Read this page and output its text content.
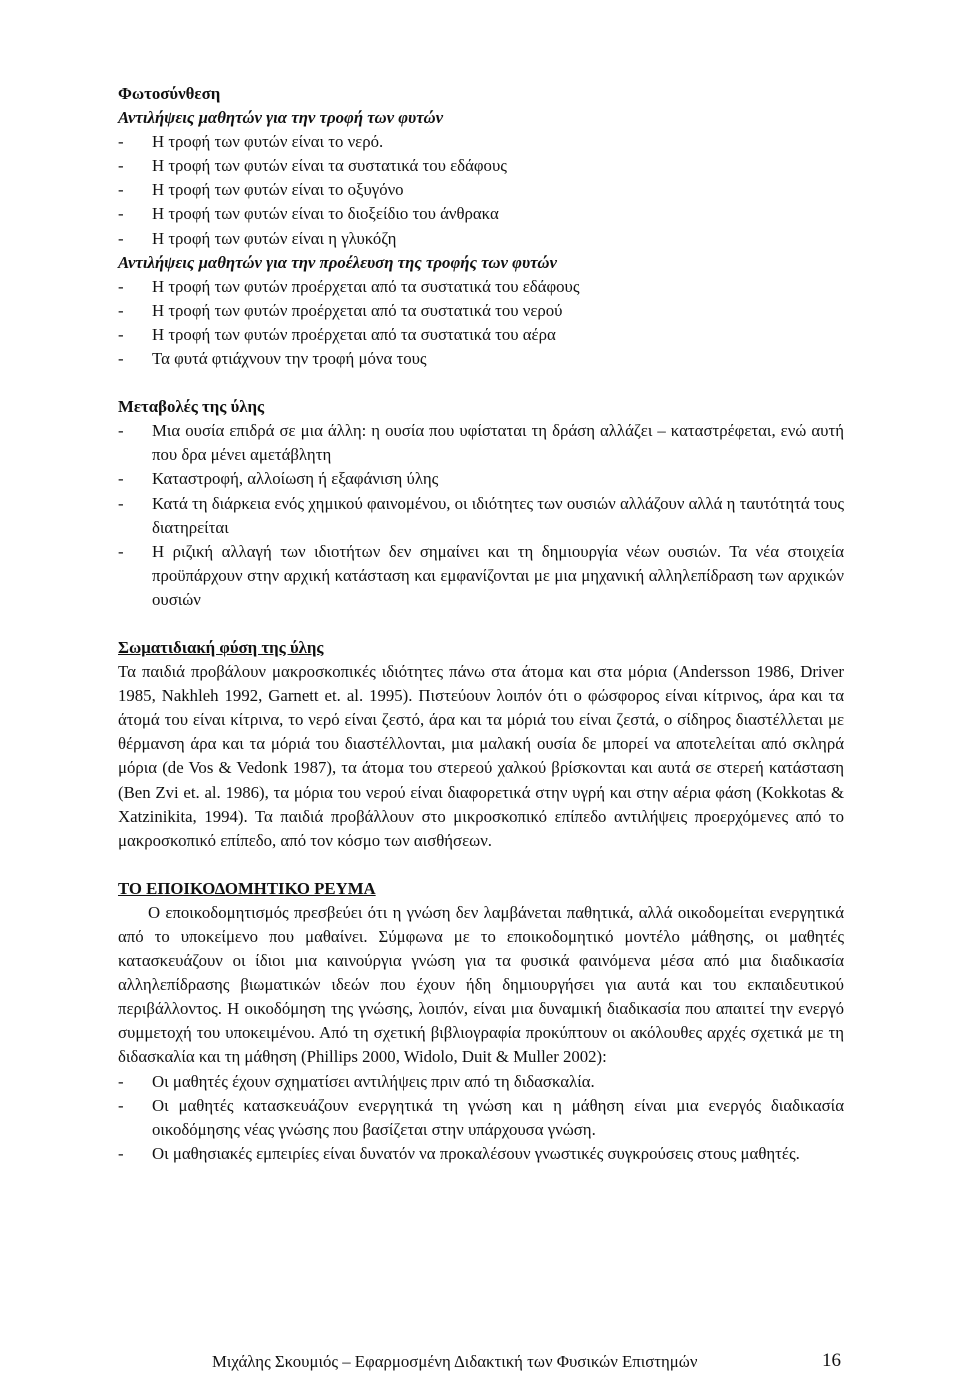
Φωτοσύνθεση
Αντιλήψεις μαθητών για την τροφή των φυτών
-	Η τροφή των φυτών είναι το νερό.
-	Η τροφή των φυτών είναι τα συστατικά του εδάφους
-	Η τροφή των φυτών είναι το οξυγόνο
-	Η τροφή των φυτών είναι το διοξείδιο του άνθρακα
-	Η τροφή των φυτών είναι η γλυκόζη
Αντιλήψεις μαθητών για την προέλευση της τροφής των φυτών
-	Η τροφή των φυτών προέρχεται από τα συστατικά του εδάφους
-	Η τροφή των φυτών προέρχεται από τα συστατικά του νερού
-	Η τροφή των φυτών προέρχεται από τα συστατικά του αέρα
-	Τα φυτά φτιάχνουν την τροφή μόνα τους
Μεταβολές της ύλης
-	Μια ουσία επιδρά σε μια άλλη: η ουσία που υφίσταται τη δράση αλλάζει – καταστρέφεται, ενώ αυτή που δρα μένει αμετάβλητη
-	Καταστροφή, αλλοίωση ή εξαφάνιση ύλης
-	Κατά τη διάρκεια ενός χημικού φαινομένου, οι ιδιότητες των ουσιών αλλάζουν αλλά η ταυτότητά τους διατηρείται
-	Η ριζική αλλαγή των ιδιοτήτων δεν σημαίνει και τη δημιουργία νέων ουσιών. Τα νέα στοιχεία προϋπάρχουν στην αρχική κατάσταση και εμφανίζονται με μια μηχανική αλληλεπίδραση των αρχικών ουσιών
Σωματιδιακή φύση της ύλης
Τα παιδιά προβάλουν μακροσκοπικές ιδιότητες πάνω στα άτομα και στα μόρια (Andersson 1986, Driver 1985, Nakhleh 1992, Garnett et. al. 1995). Πιστεύουν λοιπόν ότι ο φώσφορος είναι κίτρινος, άρα και τα άτομά του είναι κίτρινα, το νερό είναι ζεστό, άρα και τα μόριά του είναι ζεστά, ο σίδηρος διαστέλλεται με θέρμανση άρα και τα μόριά του διαστέλλονται, μια μαλακή ουσία δε μπορεί να αποτελείται από σκληρά μόρια (de Vos & Vedonk 1987), τα άτομα του στερεού χαλκού βρίσκονται και αυτά σε στερεή κατάσταση (Ben Zvi et. al. 1986), τα μόρια του νερού είναι διαφορετικά στην υγρή και στην αέρια φάση (Kokkotas & Xatzinikita, 1994). Τα παιδιά προβάλλουν στο μικροσκοπικό επίπεδο αντιλήψεις προερχόμενες από το μακροσκοπικό επίπεδο, από τον κόσμο των αισθήσεων.
ΤΟ ΕΠΟΙΚΟΔΟΜΗΤΙΚΟ ΡΕΥΜΑ
Ο εποικοδομητισμός πρεσβεύει ότι η γνώση δεν λαμβάνεται παθητικά, αλλά οικοδομείται ενεργητικά από το υποκείμενο που μαθαίνει. Σύμφωνα με το εποικοδομητικό μοντέλο μάθησης, οι μαθητές κατασκευάζουν οι ίδιοι μια καινούργια γνώση για τα φυσικά φαινόμενα μέσα από μια διαδικασία αλληλεπίδρασης βιωματικών ιδεών που έχουν ήδη δημιουργήσει για αυτά και του εκπαιδευτικού περιβάλλοντος. Η οικοδόμηση της γνώσης, λοιπόν, είναι μια δυναμική διαδικασία που απαιτεί την ενεργό συμμετοχή του υποκειμένου. Από τη σχετική βιβλιογραφία προκύπτουν οι ακόλουθες αρχές σχετικά με τη διδασκαλία και τη μάθηση (Phillips 2000, Widolo, Duit & Muller 2002):
-	Οι μαθητές έχουν σχηματίσει αντιλήψεις πριν από τη διδασκαλία.
-	Οι μαθητές κατασκευάζουν ενεργητικά τη γνώση και η μάθηση είναι μια ενεργός διαδικασία οικοδόμησης νέας γνώσης που βασίζεται στην υπάρχουσα γνώση.
-	Οι μαθησιακές εμπειρίες είναι δυνατόν να προκαλέσουν γνωστικές συγκρούσεις στους μαθητές.
Μιχάλης Σκουμιός – Εφαρμοσμένη Διδακτική των Φυσικών Επιστημών	16
